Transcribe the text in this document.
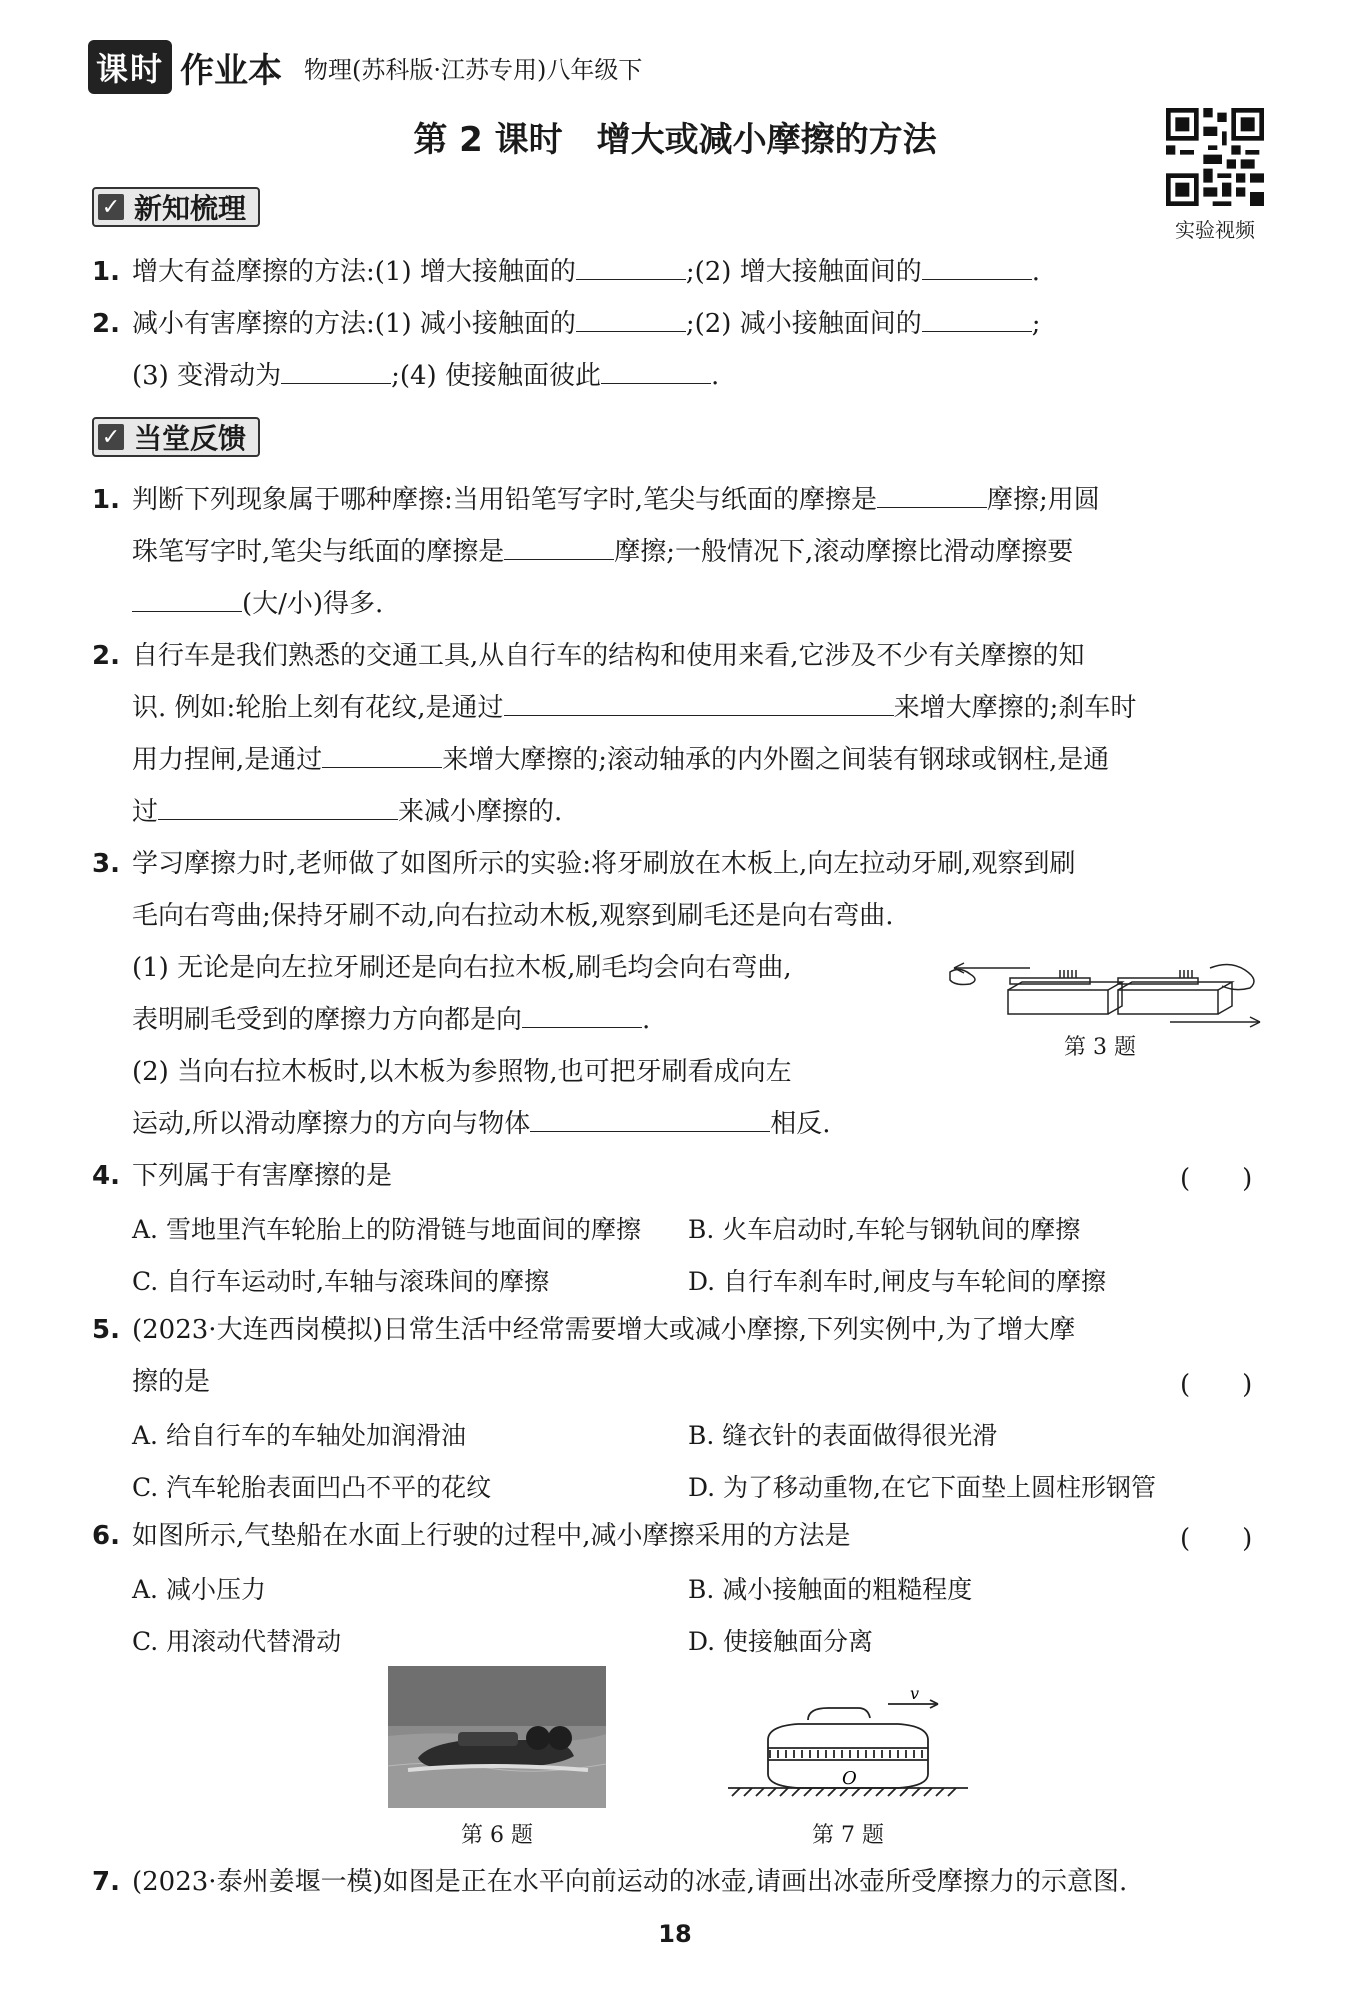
课时 作业本 物理(苏科版·江苏专用)八年级下
第 2 课时　增大或减小摩擦的方法
实验视频
✓ 新知梳理
1. 增大有益摩擦的方法:(1) 增大接触面的	;(2) 增大接触面间的	.
2. 减小有害摩擦的方法:(1) 减小接触面的	;(2) 减小接触面间的	;
(3) 变滑动为	;(4) 使接触面彼此	.
✓ 当堂反馈
1. 判断下列现象属于哪种摩擦:当用铅笔写字时,笔尖与纸面的摩擦是	摩擦;用圆
珠笔写字时,笔尖与纸面的摩擦是	摩擦;一般情况下,滚动摩擦比滑动摩擦要
(大/小)得多.
2. 自行车是我们熟悉的交通工具,从自行车的结构和使用来看,它涉及不少有关摩擦的知
识. 例如:轮胎上刻有花纹,是通过	来增大摩擦的;刹车时
用力捏闸,是通过	来增大摩擦的;滚动轴承的内外圈之间装有钢球或钢柱,是通
过	来减小摩擦的.
3. 学习摩擦力时,老师做了如图所示的实验:将牙刷放在木板上,向左拉动牙刷,观察到刷
毛向右弯曲;保持牙刷不动,向右拉动木板,观察到刷毛还是向右弯曲.
(1) 无论是向左拉牙刷还是向右拉木板,刷毛均会向右弯曲,
表明刷毛受到的摩擦力方向都是向	.
(2) 当向右拉木板时,以木板为参照物,也可把牙刷看成向左
运动,所以滑动摩擦力的方向与物体	相反.
第 3 题
4. 下列属于有害摩擦的是	(　　)
A. 雪地里汽车轮胎上的防滑链与地面间的摩擦 B. 火车启动时,车轮与钢轨间的摩擦
C. 自行车运动时,车轴与滚珠间的摩擦	D. 自行车刹车时,闸皮与车轮间的摩擦
5. (2023·大连西岗模拟)日常生活中经常需要增大或减小摩擦,下列实例中,为了增大摩
擦的是	(　　)
A. 给自行车的车轴处加润滑油	B. 缝衣针的表面做得很光滑
C. 汽车轮胎表面凹凸不平的花纹	D. 为了移动重物,在它下面垫上圆柱形钢管
6. 如图所示,气垫船在水面上行驶的过程中,减小摩擦采用的方法是	(　　)
A. 减小压力	B. 减小接触面的粗糙程度
C. 用滚动代替滑动	D. 使接触面分离
第 6 题
v
O
第 7 题
7. (2023·泰州姜堰一模)如图是正在水平向前运动的冰壶,请画出冰壶所受摩擦力的示意图.
18
